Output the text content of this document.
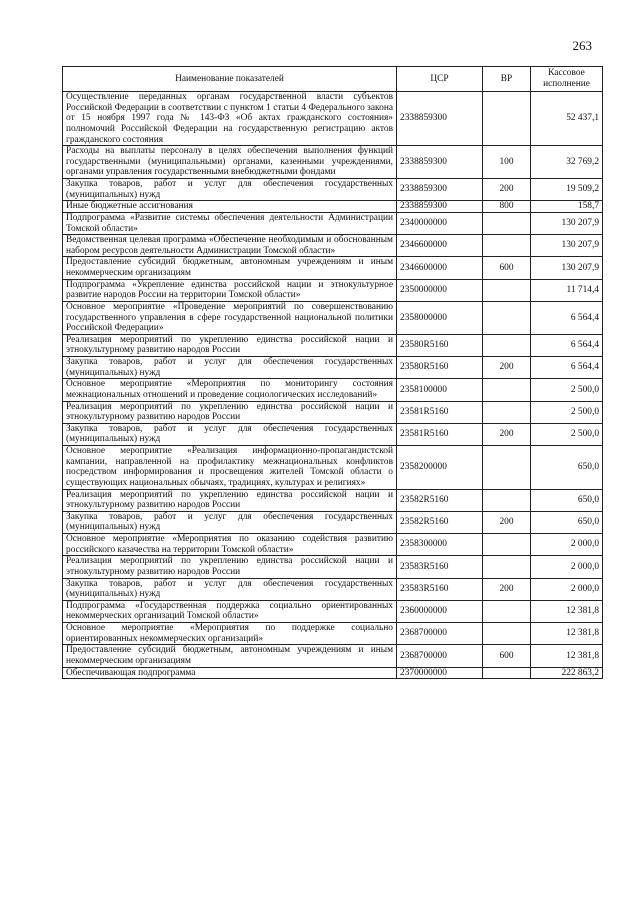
263
Наименование показателей	ЦСР	ВР	Кассовое исполнение
Осуществление переданных органам государственной власти субъектов Российской Федерации в соответствии с пунктом 1 статьи 4 Федерального закона от 15 ноября 1997 года № 143-ФЗ «Об актах гражданского состояния» полномочий Российской Федерации на государственную регистрацию актов гражданского состояния	2338859300		52 437,1
Расходы на выплаты персоналу в целях обеспечения выполнения функций государственными (муниципальными) органами, казенными учреждениями, органами управления государственными внебюджетными фондами	2338859300	100	32 769,2
Закупка товаров, работ и услуг для обеспечения государственных (муниципальных) нужд	2338859300	200	19 509,2
Иные бюджетные ассигнования	2338859300	800	158,7
Подпрограмма «Развитие системы обеспечения деятельности Администрации Томской области»	2340000000		130 207,9
Ведомственная целевая программа «Обеспечение необходимым и обоснованным набором ресурсов деятельности Администрации Томской области»	2346600000		130 207,9
Предоставление субсидий бюджетным, автономным учреждениям и иным некоммерческим организациям	2346600000	600	130 207,9
Подпрограмма «Укрепление единства российской нации и этнокультурное развитие народов России на территории Томской области»	2350000000		11 714,4
Основное мероприятие «Проведение мероприятий по совершенствованию государственного управления в сфере государственной национальной политики Российской Федерации»	2358000000		6 564,4
Реализация мероприятий по укреплению единства российской нации и этнокультурному развитию народов России	23580R5160		6 564,4
Закупка товаров, работ и услуг для обеспечения государственных (муниципальных) нужд	23580R5160	200	6 564,4
Основное мероприятие «Мероприятия по мониторингу состояния межнациональных отношений и проведение социологических исследований»	2358100000		2 500,0
Реализация мероприятий по укреплению единства российской нации и этнокультурному развитию народов России	23581R5160		2 500,0
Закупка товаров, работ и услуг для обеспечения государственных (муниципальных) нужд	23581R5160	200	2 500,0
Основное мероприятие «Реализация информационно-пропагандистской кампании, направленной на профилактику межнациональных конфликтов посредством информирования и просвещения жителей Томской области о существующих национальных обычаях, традициях, культурах и религиях»	2358200000		650,0
Реализация мероприятий по укреплению единства российской нации и этнокультурному развитию народов России	23582R5160		650,0
Закупка товаров, работ и услуг для обеспечения государственных (муниципальных) нужд	23582R5160	200	650,0
Основное мероприятие «Мероприятия по оказанию содействия развитию российского казачества на территории Томской области»	2358300000		2 000,0
Реализация мероприятий по укреплению единства российской нации и этнокультурному развитию народов России	23583R5160		2 000,0
Закупка товаров, работ и услуг для обеспечения государственных (муниципальных) нужд	23583R5160	200	2 000,0
Подпрограмма «Государственная поддержка социально ориентированных некоммерческих организаций Томской области»	2360000000		12 381,8
Основное мероприятие «Мероприятия по поддержке социально ориентированных некоммерческих организаций»	2368700000		12 381,8
Предоставление субсидий бюджетным, автономным учреждениям и иным некоммерческим организациям	2368700000	600	12 381,8
Обеспечивающая подпрограмма	2370000000		222 863,2
